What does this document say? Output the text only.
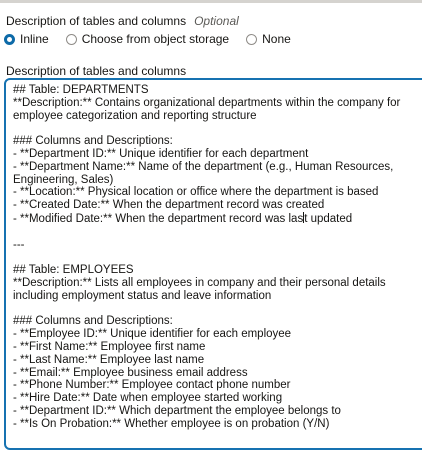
Description of tables and columns Optional
Inline	Choose from object storage	None
Description of tables and columns
## Table: DEPARTMENTS
**Description:** Contains organizational departments within the company for
employee categorization and reporting structure
### Columns and Descriptions:
- **Department ID:** Unique identifier for each department
- **Department Name:** Name of the department (e.g., Human Resources,
Engineering, Sales)
- **Location:** Physical location or office where the department is based
- **Created Date:** When the department record was created
- **Modified Date:** When the department record was last updated
---
## Table: EMPLOYEES
**Description:** Lists all employees in company and their personal details
including employment status and leave information
### Columns and Descriptions:
- **Employee ID:** Unique identifier for each employee
- **First Name:** Employee first name
- **Last Name:** Employee last name
- **Email:** Employee business email address
- **Phone Number:** Employee contact phone number
- **Hire Date:** Date when employee started working
- **Department ID:** Which department the employee belongs to
- **Is On Probation:** Whether employee is on probation (Y/N)
